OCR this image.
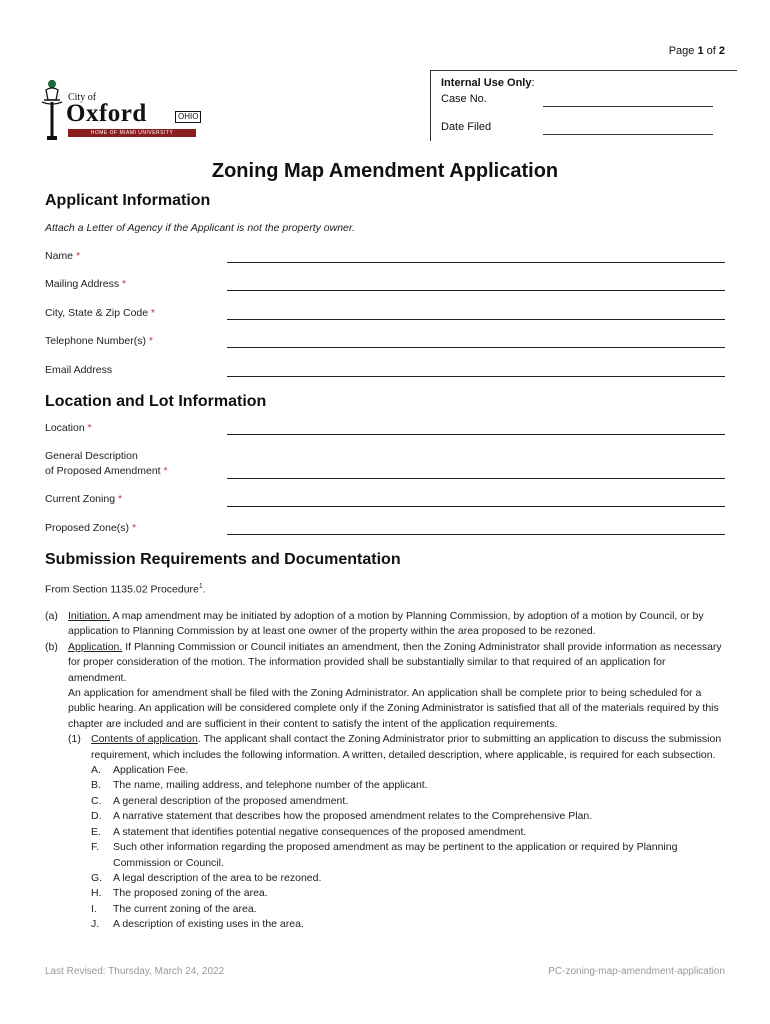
Page 1 of 2
City of
Oxford	OHIO
HOME OF MIAMI UNIVERSITY
Internal Use Only:
Case No.
Date Filed
Zoning Map Amendment Application
Applicant Information
Attach a Letter of Agency if the Applicant is not the property owner.
Name *
Mailing Address *
City, State & Zip Code *
Telephone Number(s) *
Email Address
Location and Lot Information
Location *
General Description
of Proposed Amendment *
Current Zoning *
Proposed Zone(s) *
Submission Requirements and Documentation
From Section 1135.02 Procedure$^1$.
(a) Initiation. A map amendment may be initiated by adoption of a motion by Planning Commission, by adoption of a motion by Council, or by application to Planning Commission by at least one owner of the property within the area proposed to be rezoned.
(b) Application. If Planning Commission or Council initiates an amendment, then the Zoning Administrator shall provide information as necessary for proper consideration of the motion. The information provided shall be substantially similar to that required of an application for amendment.
An application for amendment shall be filed with the Zoning Administrator. An application shall be complete prior to being scheduled for a public hearing. An application will be considered complete only if the Zoning Administrator is satisfied that all of the materials required by this chapter are included and are sufficient in their content to satisfy the intent of the application requirements.
(1) Contents of application. The applicant shall contact the Zoning Administrator prior to submitting an application to discuss the submission requirement, which includes the following information. A written, detailed description, where applicable, is required for each subsection.
A. Application Fee.
B. The name, mailing address, and telephone number of the applicant.
C. A general description of the proposed amendment.
D. A narrative statement that describes how the proposed amendment relates to the Comprehensive Plan.
E. A statement that identifies potential negative consequences of the proposed amendment.
F. Such other information regarding the proposed amendment as may be pertinent to the application or required by Planning Commission or Council.
G. A legal description of the area to be rezoned.
H. The proposed zoning of the area.
I. The current zoning of the area.
J. A description of existing uses in the area.
Last Revised: Thursday, March 24, 2022	PC-zoning-map-amendment-application
